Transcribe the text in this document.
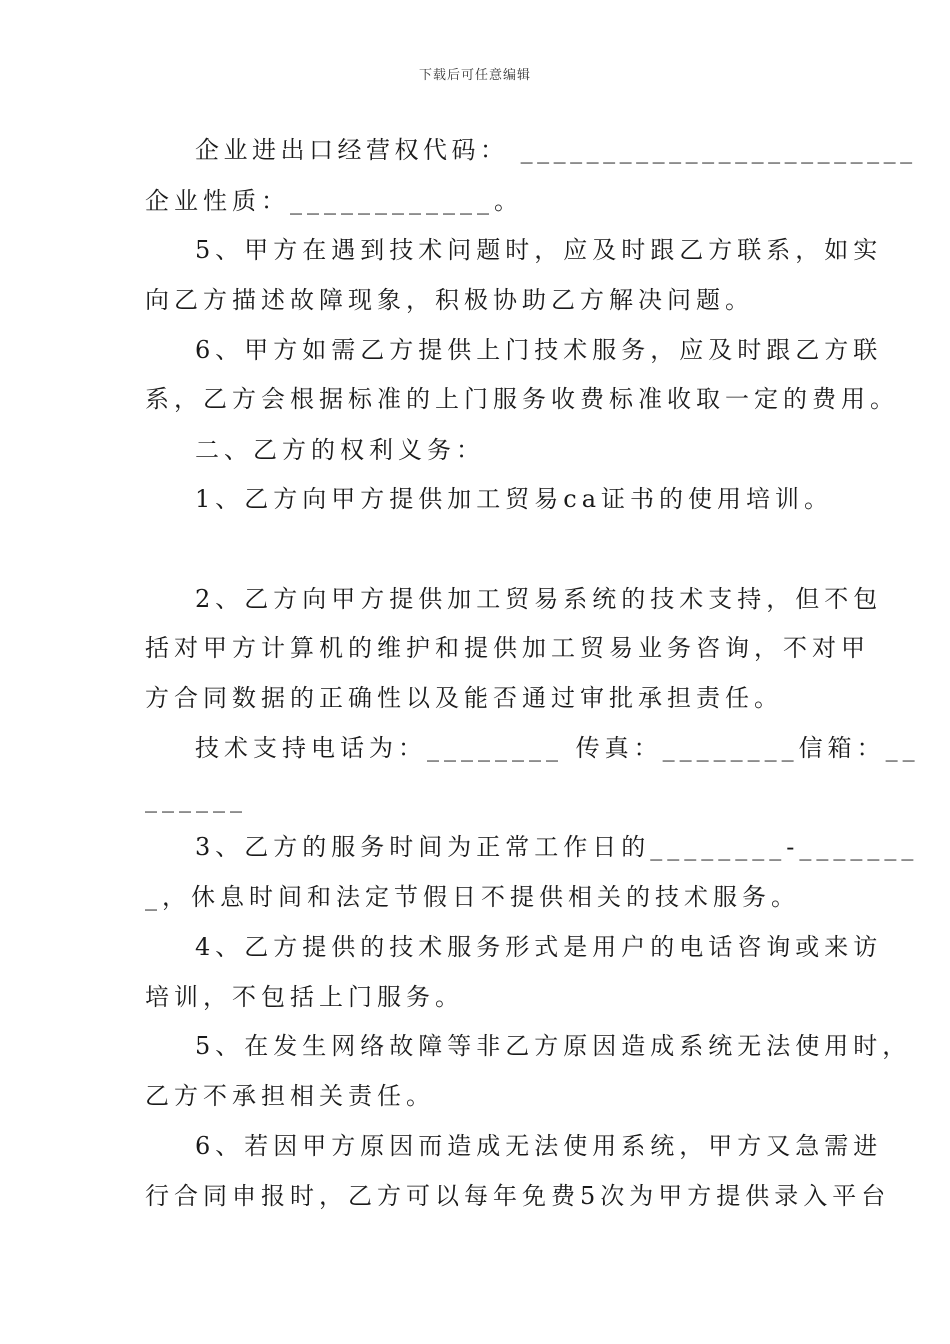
下载后可任意编辑
企业进出口经营权代码： ________________________
企业性质：____________。
5、甲方在遇到技术问题时，应及时跟乙方联系，如实
向乙方描述故障现象，积极协助乙方解决问题。
6、甲方如需乙方提供上门技术服务，应及时跟乙方联
系，乙方会根据标准的上门服务收费标准收取一定的费用。
二、乙方的权利义务：
1、乙方向甲方提供加工贸易ca证书的使用培训。
2、乙方向甲方提供加工贸易系统的技术支持，但不包
括对甲方计算机的维护和提供加工贸易业务咨询，不对甲
方合同数据的正确性以及能否通过审批承担责任。
技术支持电话为：________ 传真：________信箱：__
______
3、乙方的服务时间为正常工作日的________-_______
_，休息时间和法定节假日不提供相关的技术服务。
4、乙方提供的技术服务形式是用户的电话咨询或来访
培训，不包括上门服务。
5、在发生网络故障等非乙方原因造成系统无法使用时，
乙方不承担相关责任。
6、若因甲方原因而造成无法使用系统，甲方又急需进
行合同申报时，乙方可以每年免费5次为甲方提供录入平台
